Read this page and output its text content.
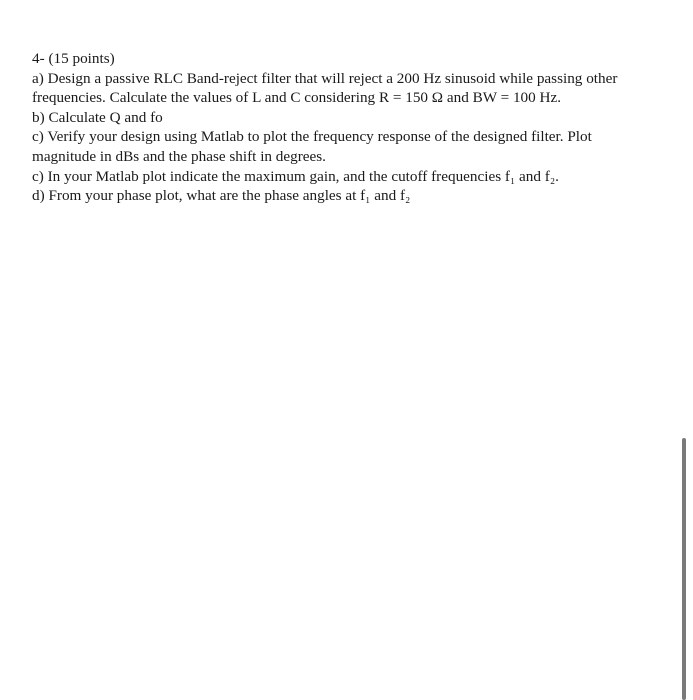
4- (15 points)
a) Design a passive RLC Band-reject filter that will reject a 200 Hz sinusoid while passing other
frequencies. Calculate the values of L and C considering R = 150 Ω and BW = 100 Hz.
b) Calculate Q and fo
c) Verify your design using Matlab to plot the frequency response of the designed filter. Plot
magnitude in dBs and the phase shift in degrees.
c) In your Matlab plot indicate the maximum gain, and the cutoff frequencies f₁ and f₂.
d) From your phase plot, what are the phase angles at f₁ and f₂
